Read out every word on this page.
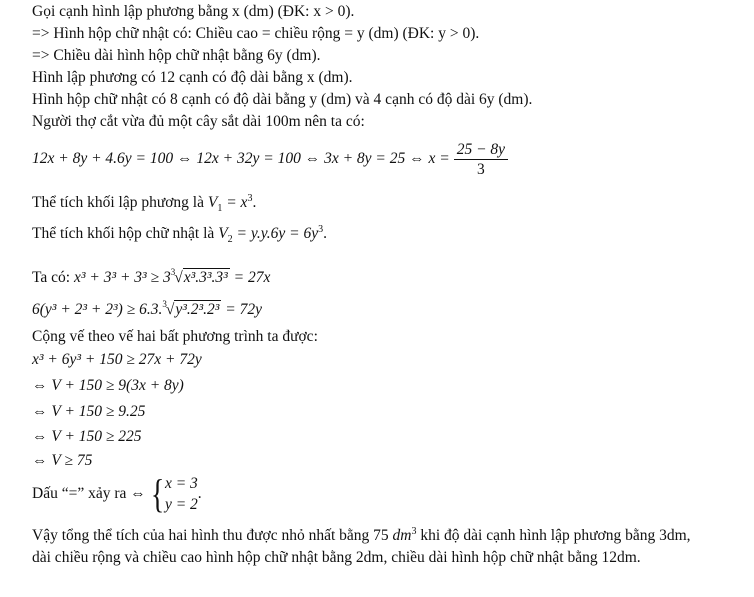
Gọi cạnh hình lập phương bằng x (dm) (ĐK: x > 0).
=> Hình hộp chữ nhật có: Chiều cao = chiều rộng = y (dm) (ĐK: y > 0).
=> Chiều dài hình hộp chữ nhật bằng 6y (dm).
Hình lập phương có 12 cạnh có độ dài bằng x (dm).
Hình hộp chữ nhật có 8 cạnh có độ dài bằng y (dm) và 4 cạnh có độ dài 6y (dm).
Người thợ cắt vừa đủ một cây sắt dài 100m nên ta có:
12x + 8y + 4.6y = 100 ⇔ 12x + 32y = 100 ⇔ 3x + 8y = 25 ⇔ $x = \frac{25 - 8y}{3}$
Thể tích khối lập phương là $V_1 = x^3$.
Thể tích khối hộp chữ nhật là $V_2 = y.y.6y = 6y^3$.
Ta có: $x^3 + 3^3 + 3^3 \ge 3^3√x^3.3^3.3^3 = 27x$
6(y³ + 2³ + 2³) ≥ 6.3.$^3$√y³.2³.2³ = 72y
Cộng vế theo vế hai bất phương trình ta được:
x³ + 6y³ + 150 ≥ 27x + 72y
⇔ V + 150 ≥ 9(3x + 8y)
⇔ V + 150 ≥ 9.25
⇔ V + 150 ≥ 225
⇔ V ≥ 75
Dấu “=” xảy ra ⇔ { x = 3
y = 2
.
Vậy tổng thể tích của hai hình thu được nhỏ nhất bằng 75 $dm^3$ khi độ dài cạnh hình lập phương bằng 3dm,
dài chiều rộng và chiều cao hình hộp chữ nhật bằng 2dm, chiều dài hình hộp chữ nhật bằng 12dm.
